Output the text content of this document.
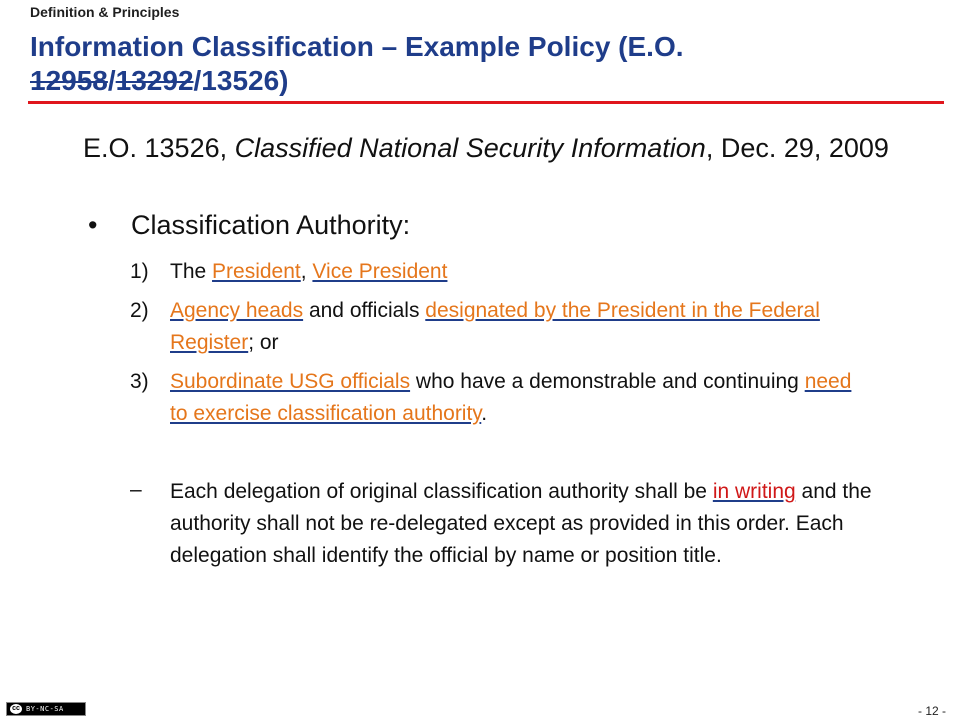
Definition & Principles
Information Classification – Example Policy (E.O. 12958/13292/13526)
E.O. 13526, Classified National Security Information, Dec. 29, 2009
• Classification Authority:
1) The President, Vice President
2) Agency heads and officials designated by the President in the Federal Register; or
3) Subordinate USG officials who have a demonstrable and continuing need to exercise classification authority.
– Each delegation of original classification authority shall be in writing and the authority shall not be re-delegated except as provided in this order. Each delegation shall identify the official by name or position title.
cc BY-NC-SA	- 12 -
